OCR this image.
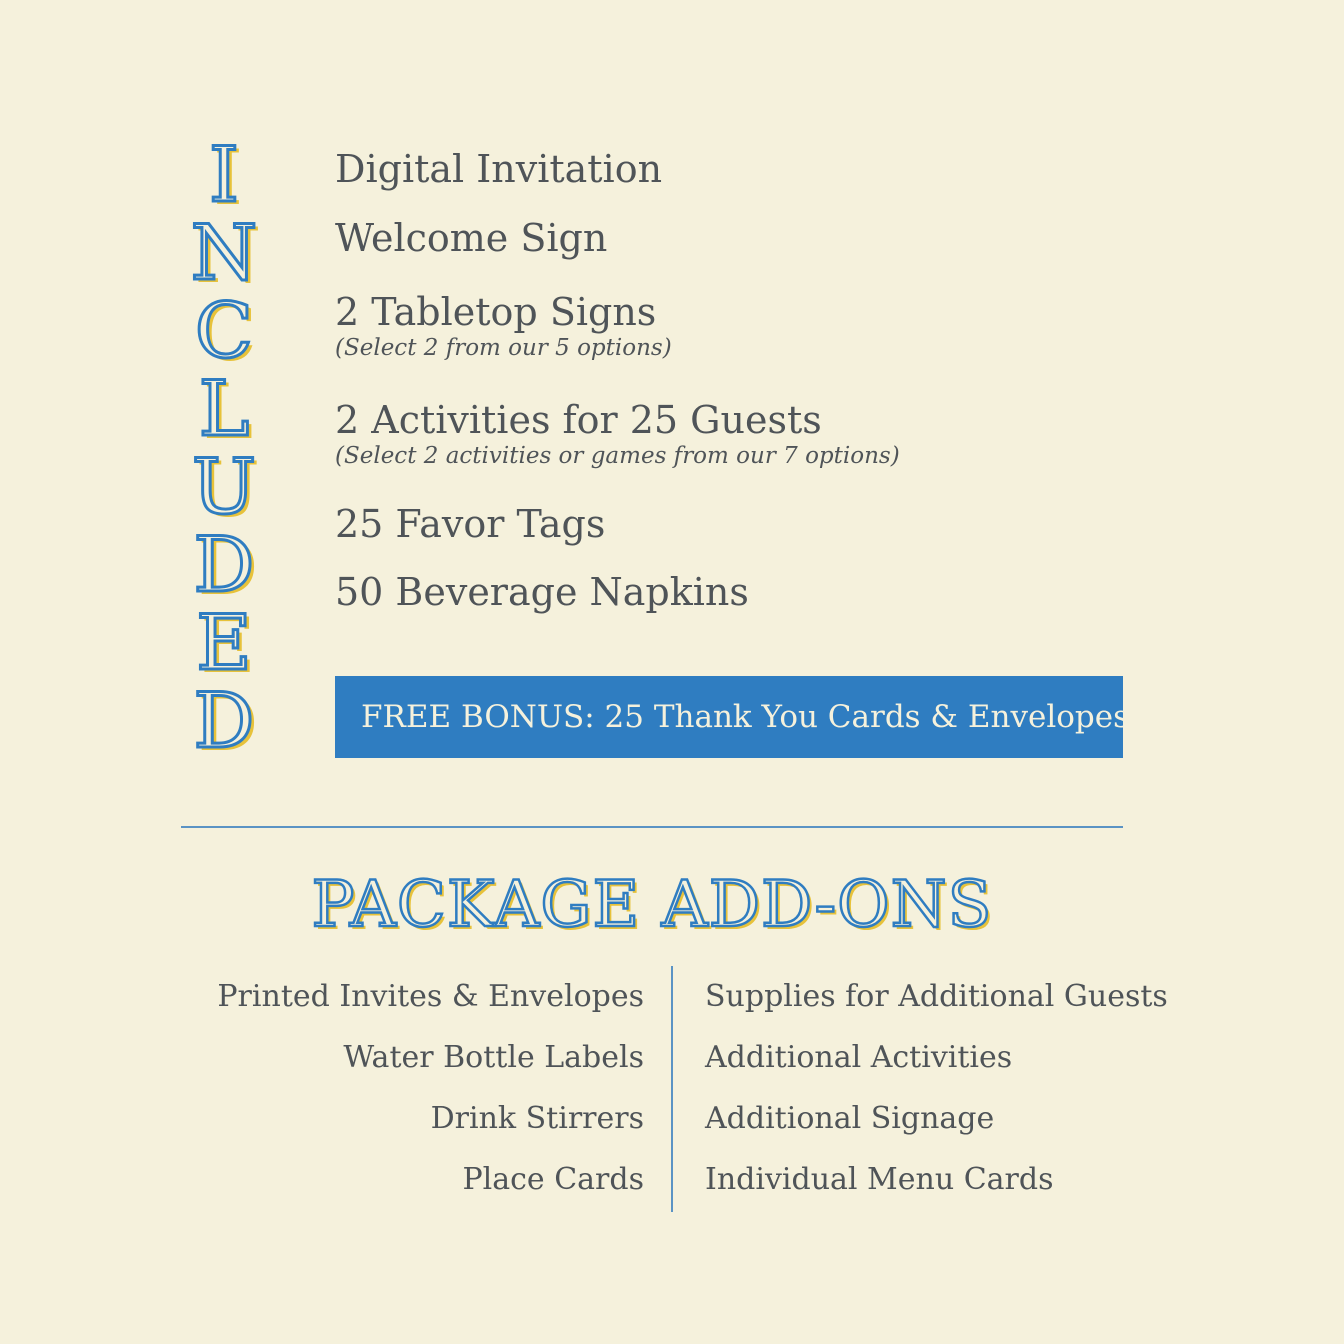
I
N
C
L
U
D
E
D
Digital Invitation
Welcome Sign
2 Tabletop Signs
(Select 2 from our 5 options)
2 Activities for 25 Guests
(Select 2 activities or games from our 7 options)
25 Favor Tags
50 Beverage Napkins
FREE BONUS: 25 Thank You Cards & Envelopes
PACKAGE ADD-ONS
Printed Invites & Envelopes
Water Bottle Labels
Drink Stirrers
Place Cards
Supplies for Additional Guests
Additional Activities
Additional Signage
Individual Menu Cards
